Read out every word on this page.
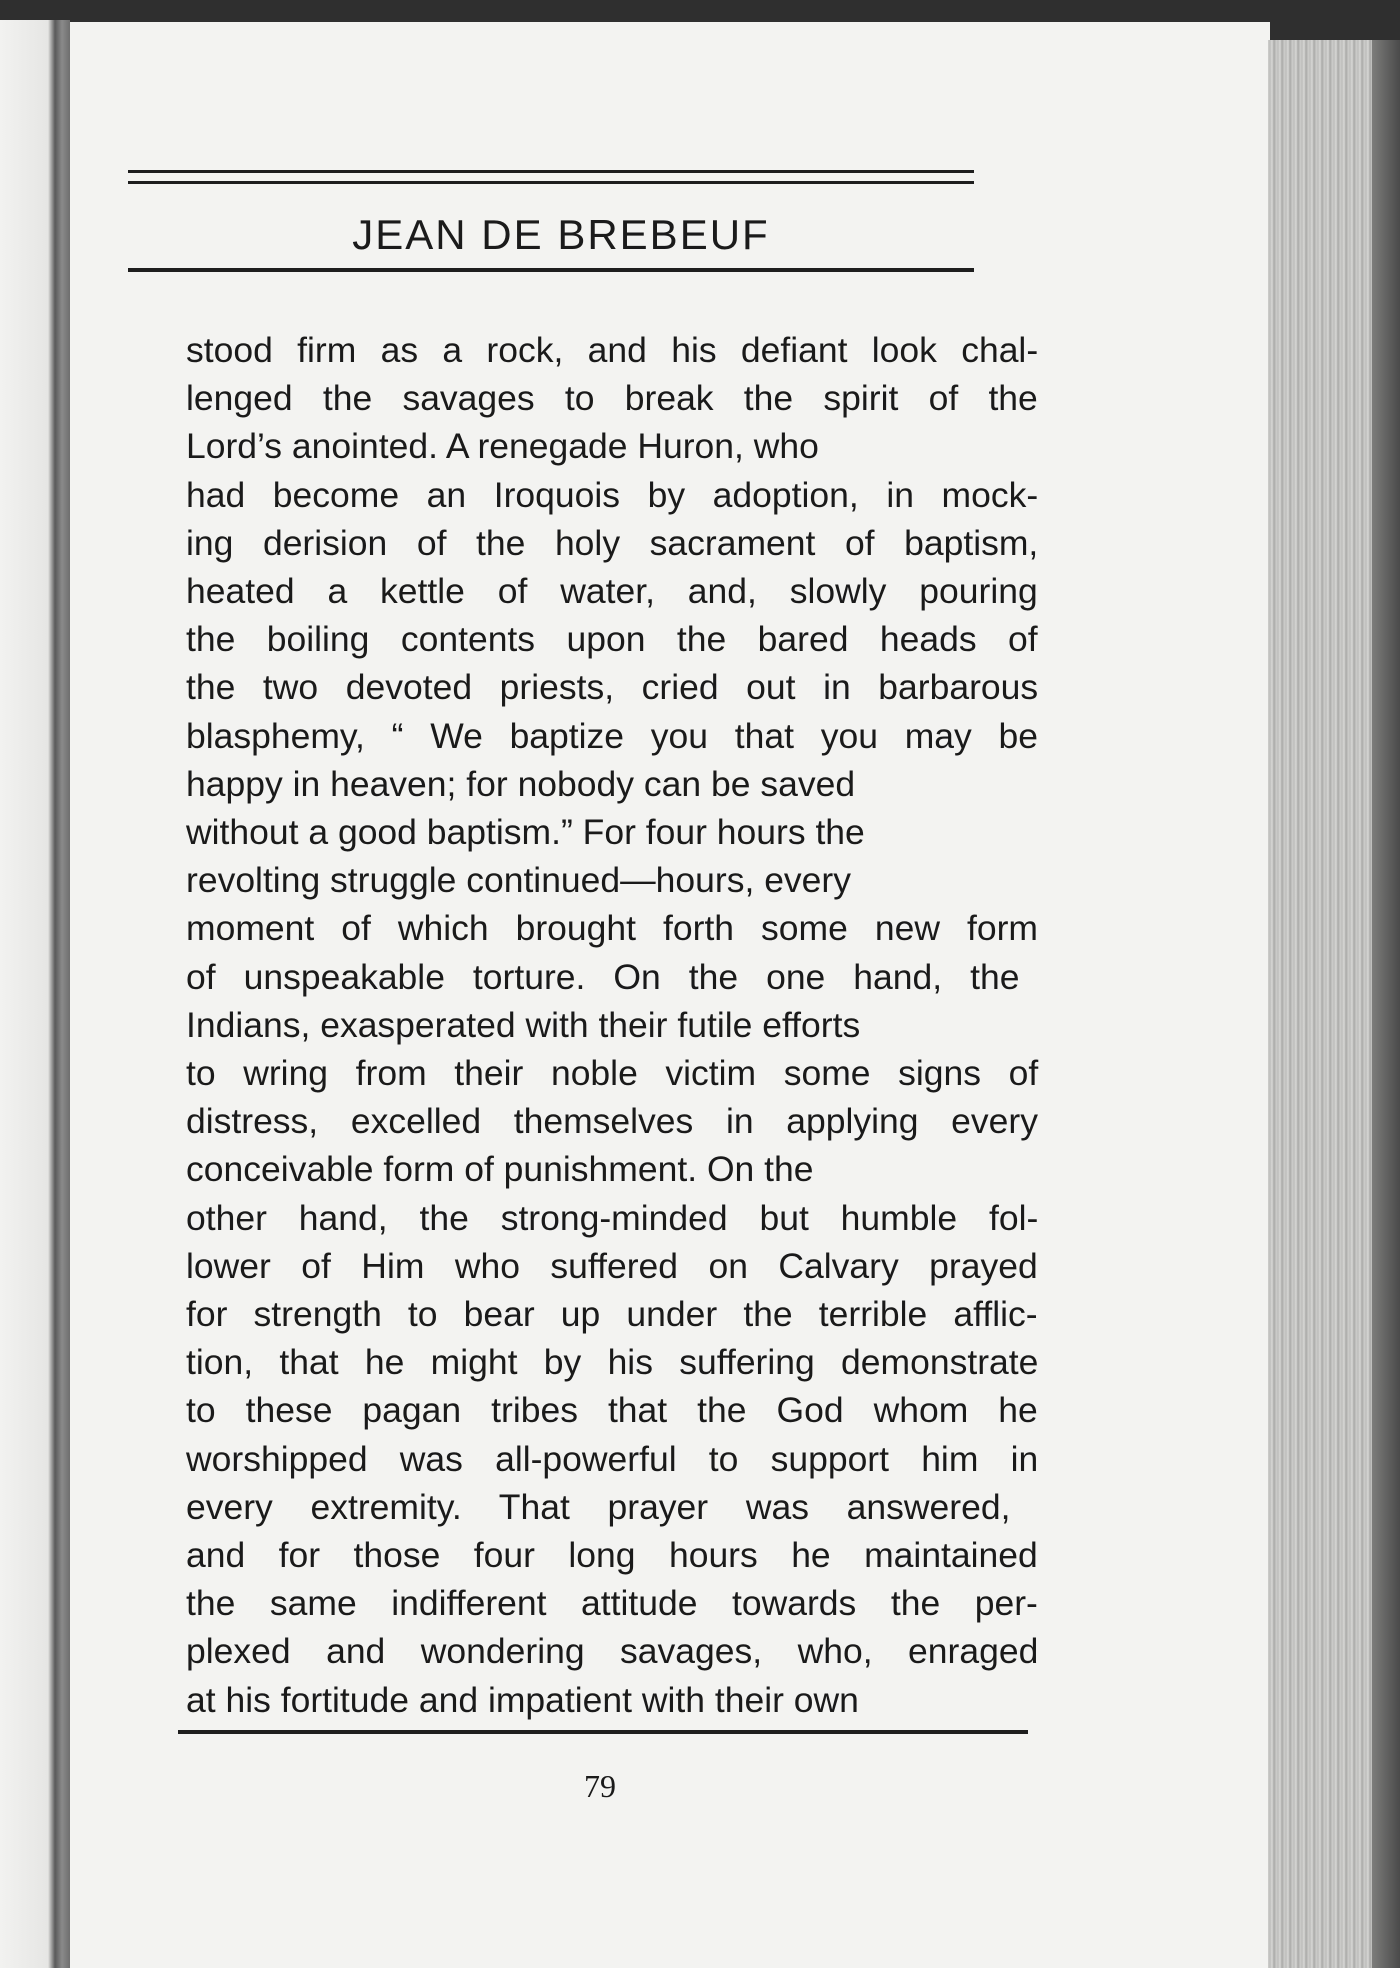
JEAN DE BREBEUF
stood firm as a rock, and his defiant look chal-
lenged the savages to break the spirit of the
Lord’s anointed. A renegade Huron, who
had become an Iroquois by adoption, in mock-
ing derision of the holy sacrament of baptism,
heated a kettle of water, and, slowly pouring
the boiling contents upon the bared heads of
the two devoted priests, cried out in barbarous
blasphemy, “ We baptize you that you may be
happy in heaven; for nobody can be saved
without a good baptism.” For four hours the
revolting struggle continued—hours, every
moment of which brought forth some new form
of unspeakable torture. On the one hand, the
Indians, exasperated with their futile efforts
to wring from their noble victim some signs of
distress, excelled themselves in applying every
conceivable form of punishment. On the
other hand, the strong-minded but humble fol-
lower of Him who suffered on Calvary prayed
for strength to bear up under the terrible afflic-
tion, that he might by his suffering demonstrate
to these pagan tribes that the God whom he
worshipped was all-powerful to support him in
every extremity. That prayer was answered,
and for those four long hours he maintained
the same indifferent attitude towards the per-
plexed and wondering savages, who, enraged
at his fortitude and impatient with their own
79
